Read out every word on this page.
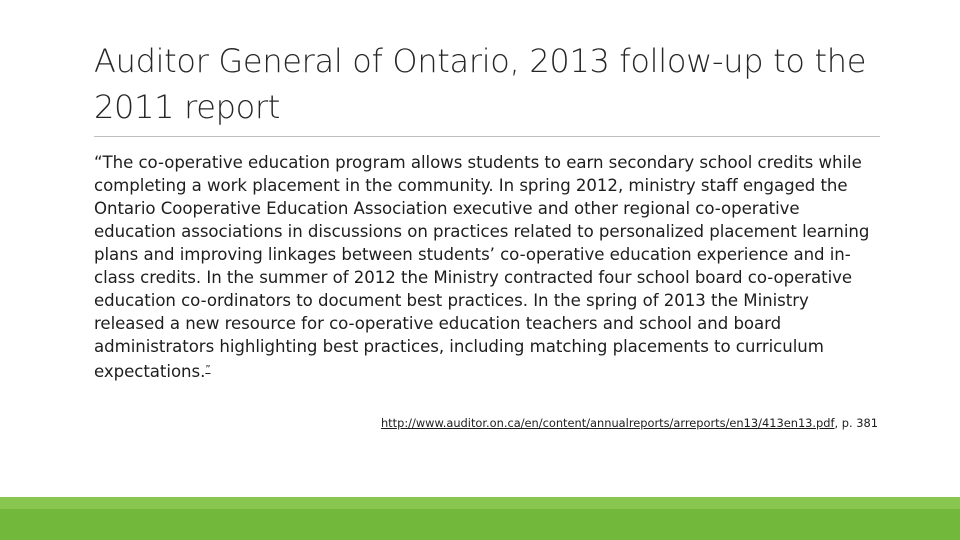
Auditor General of Ontario, 2013 follow-up to the 2011 report

“The co-operative education program allows students to earn secondary school credits while completing a work placement in the community. In spring 2012, ministry staff engaged the Ontario Cooperative Education Association executive and other regional co-operative education associations in discussions on practices related to personalized placement learning plans and improving linkages between students’ co-operative education experience and in-class credits. In the summer of 2012 the Ministry contracted four school board co-operative education co-ordinators to document best practices. In the spring of 2013 the Ministry released a new resource for co-operative education teachers and school and board administrators highlighting best practices, including matching placements to curriculum expectations.”

http://www.auditor.on.ca/en/content/annualreports/arreports/en13/413en13.pdf, p. 381
